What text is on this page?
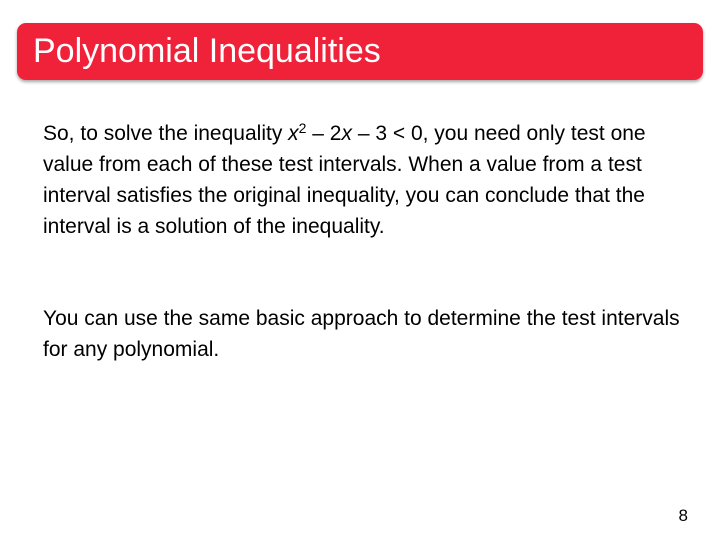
Polynomial Inequalities

So, to solve the inequality $x^2 - 2x - 3 < 0$, you need only test one value from each of these test intervals. When a value from a test interval satisfies the original inequality, you can conclude that the interval is a solution of the inequality.

You can use the same basic approach to determine the test intervals for any polynomial.

8
